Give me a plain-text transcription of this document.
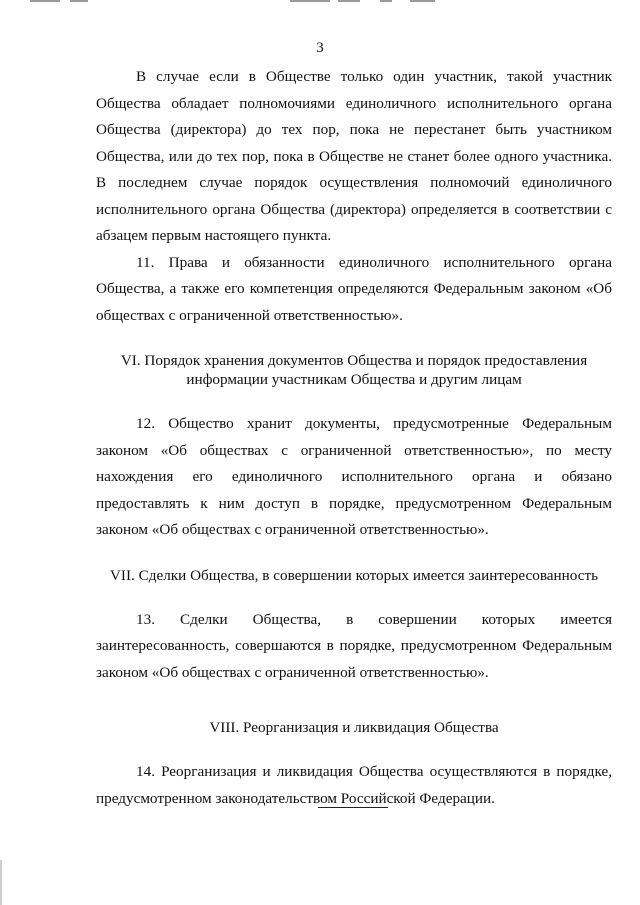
3

В случае если в Обществе только один участник, такой участник Общества обладает полномочиями единоличного исполнительного органа Общества (директора) до тех пор, пока не перестанет быть участником Общества, или до тех пор, пока в Обществе не станет более одного участника. В последнем случае порядок осуществления полномочий единоличного исполнительного органа Общества (директора) определяется в соответствии с абзацем первым настоящего пункта.

11. Права и обязанности единоличного исполнительного органа Общества, а также его компетенция определяются Федеральным законом «Об обществах с ограниченной ответственностью».

VI. Порядок хранения документов Общества и порядок предоставления

информации участникам Общества и другим лицам

12. Общество хранит документы, предусмотренные Федеральным законом «Об обществах с ограниченной ответственностью», по месту нахождения его единоличного исполнительного органа и обязано предоставлять к ним доступ в порядке, предусмотренном Федеральным законом «Об обществах с ограниченной ответственностью».

VII. Сделки Общества, в совершении которых имеется заинтересованность

13. Сделки Общества, в совершении которых имеется заинтересованность, совершаются в порядке, предусмотренном Федеральным законом «Об обществах с ограниченной ответственностью».

VIII. Реорганизация и ликвидация Общества

14. Реорганизация и ликвидация Общества осуществляются в порядке, предусмотренном законодательством Российской Федерации.
